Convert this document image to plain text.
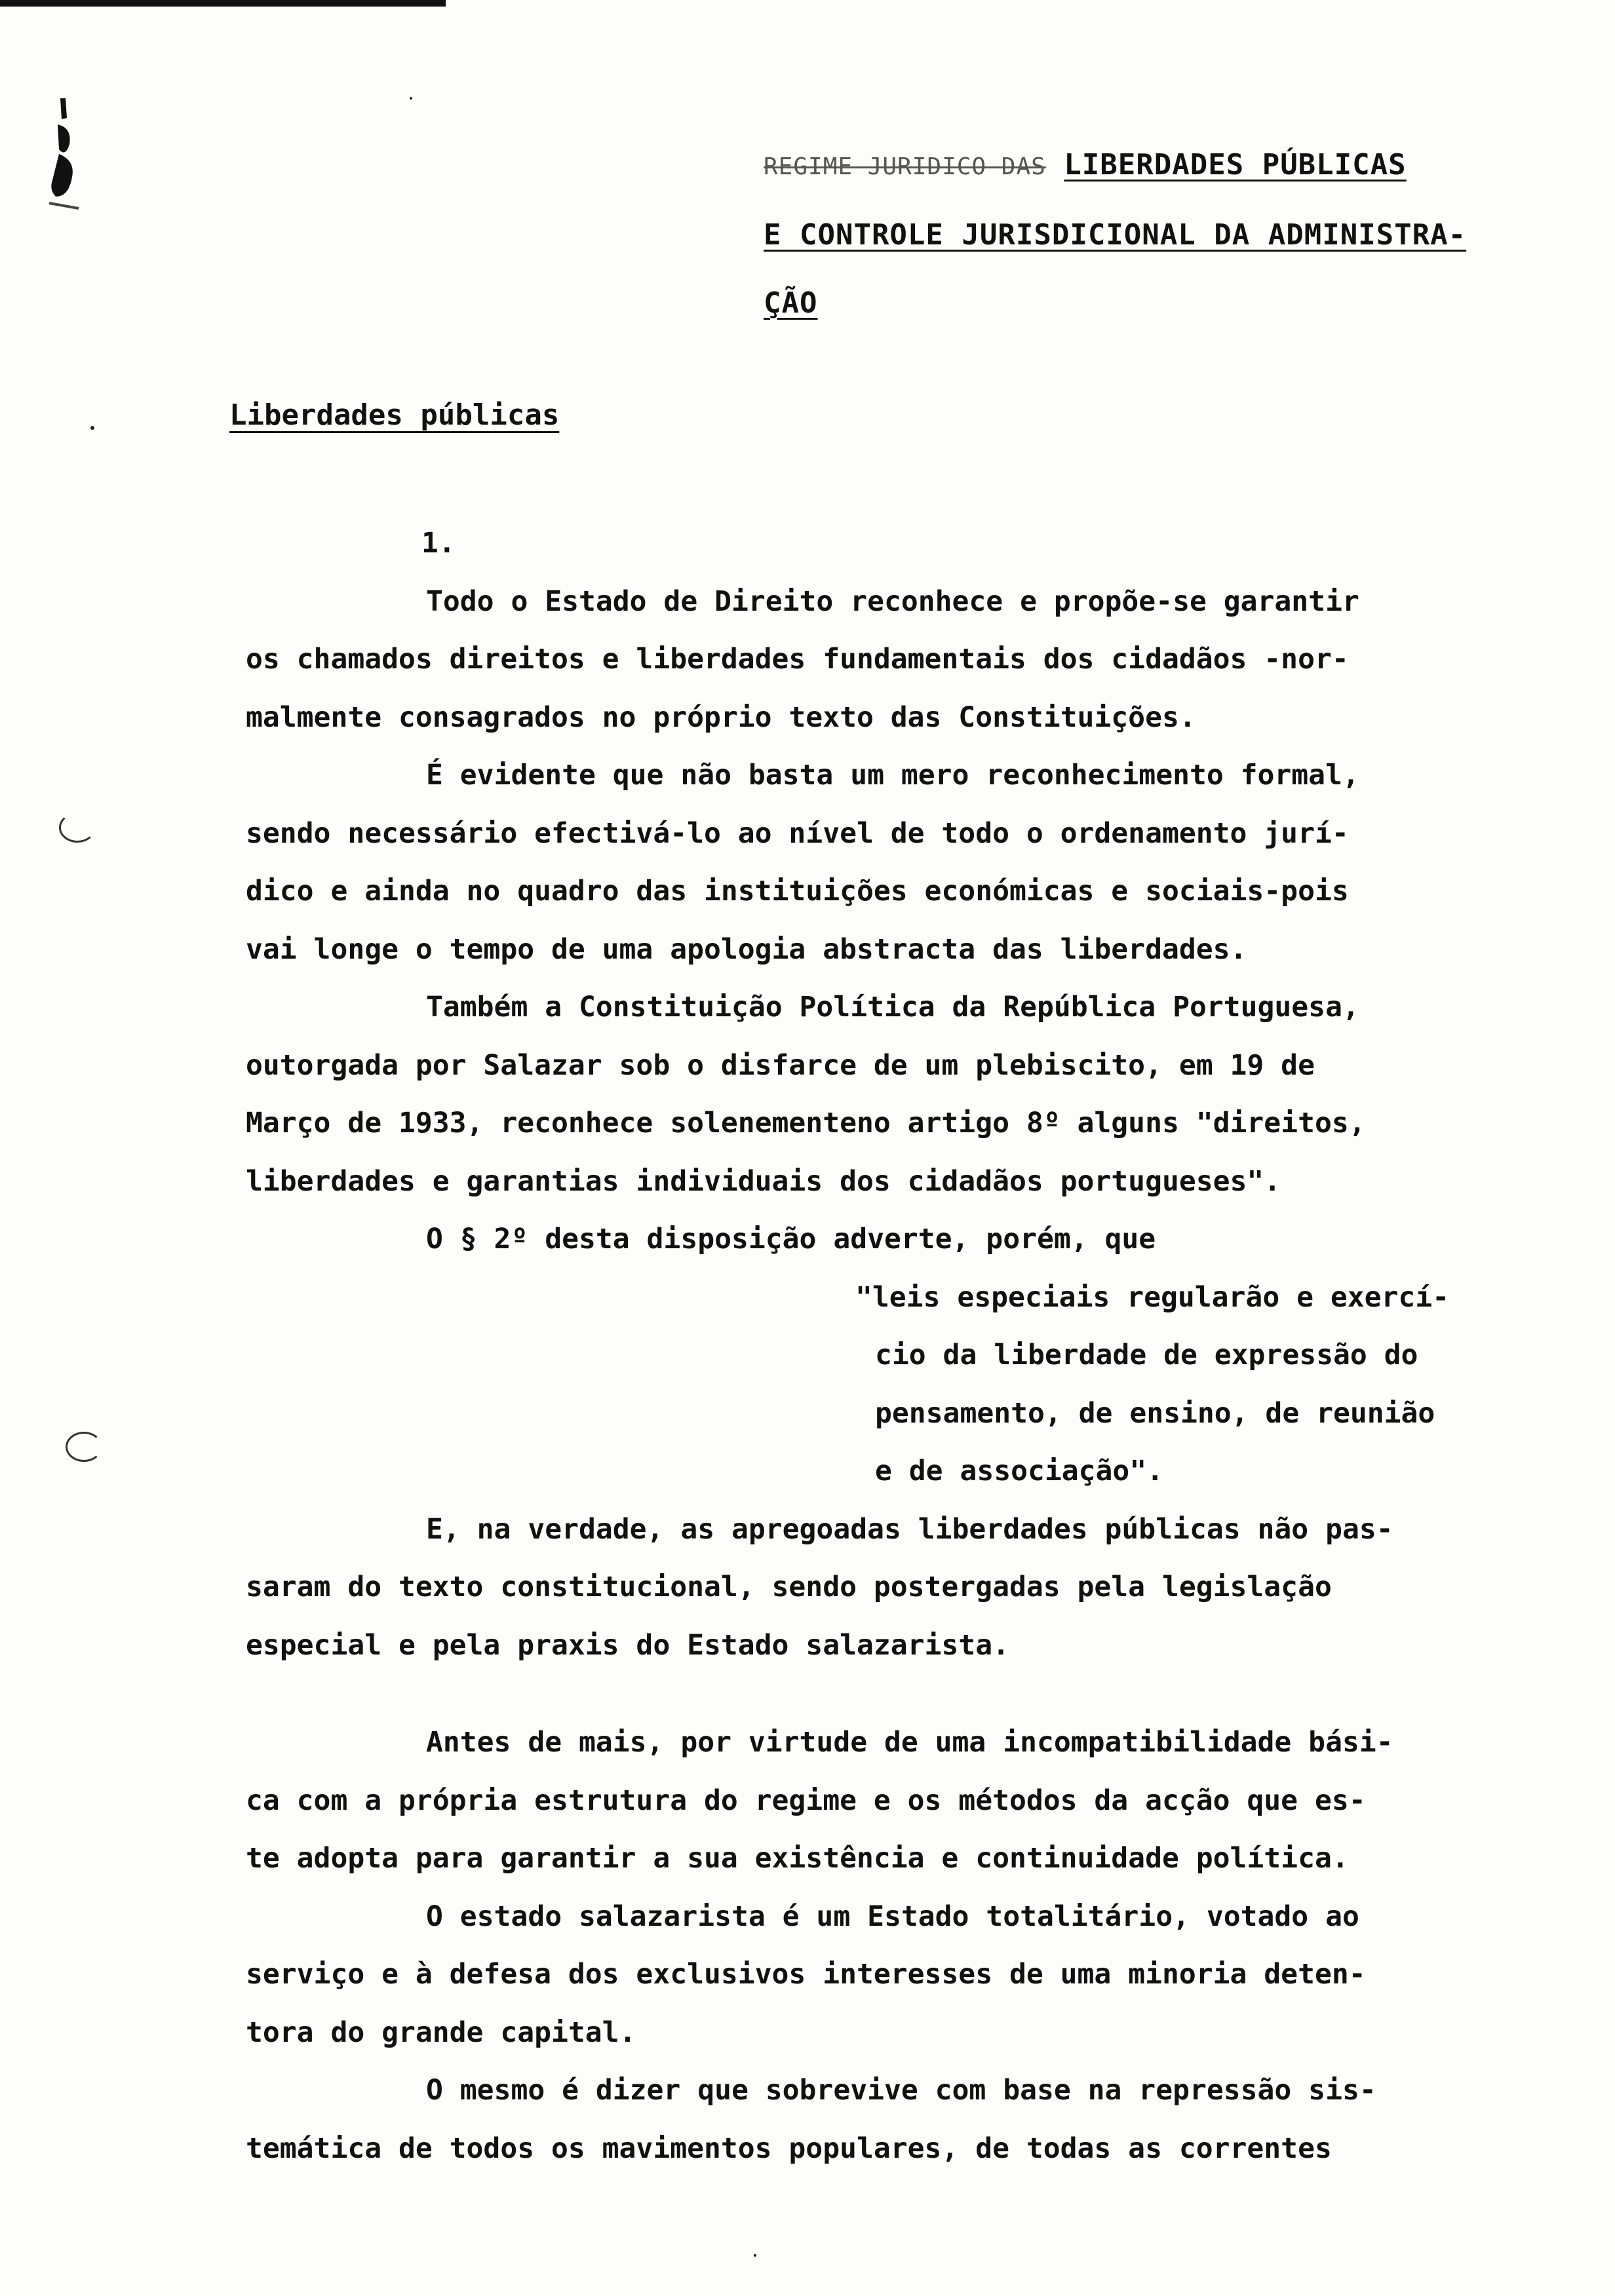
REGIME JURIDICO DAS LIBERDADES PÚBLICAS
E CONTROLE JURISDICIONAL DA ADMINISTRA-
ÇÃO
Liberdades públicas
1.
Todo o Estado de Direito reconhece e propõe-se garantir
os chamados direitos e liberdades fundamentais dos cidadãos -nor-
malmente consagrados no próprio texto das Constituições.
É evidente que não basta um mero reconhecimento formal,
sendo necessário efectivá-lo ao nível de todo o ordenamento jurí-
dico e ainda no quadro das instituições económicas e sociais-pois
vai longe o tempo de uma apologia abstracta das liberdades.
Também a Constituição Política da República Portuguesa,
outorgada por Salazar sob o disfarce de um plebiscito, em 19 de
Março de 1933, reconhece solenementeno artigo 8º alguns "direitos,
liberdades e garantias individuais dos cidadãos portugueses".
O § 2º desta disposição adverte, porém, que
"leis especiais regularão e exercí-
cio da liberdade de expressão do
pensamento, de ensino, de reunião
e de associação".
E, na verdade, as apregoadas liberdades públicas não pas-
saram do texto constitucional, sendo postergadas pela legislação
especial e pela praxis do Estado salazarista.
Antes de mais, por virtude de uma incompatibilidade bási-
ca com a própria estrutura do regime e os métodos da acção que es-
te adopta para garantir a sua existência e continuidade política.
O estado salazarista é um Estado totalitário, votado ao
serviço e à defesa dos exclusivos interesses de uma minoria deten-
tora do grande capital.
O mesmo é dizer que sobrevive com base na repressão sis-
temática de todos os mavimentos populares, de todas as correntes
